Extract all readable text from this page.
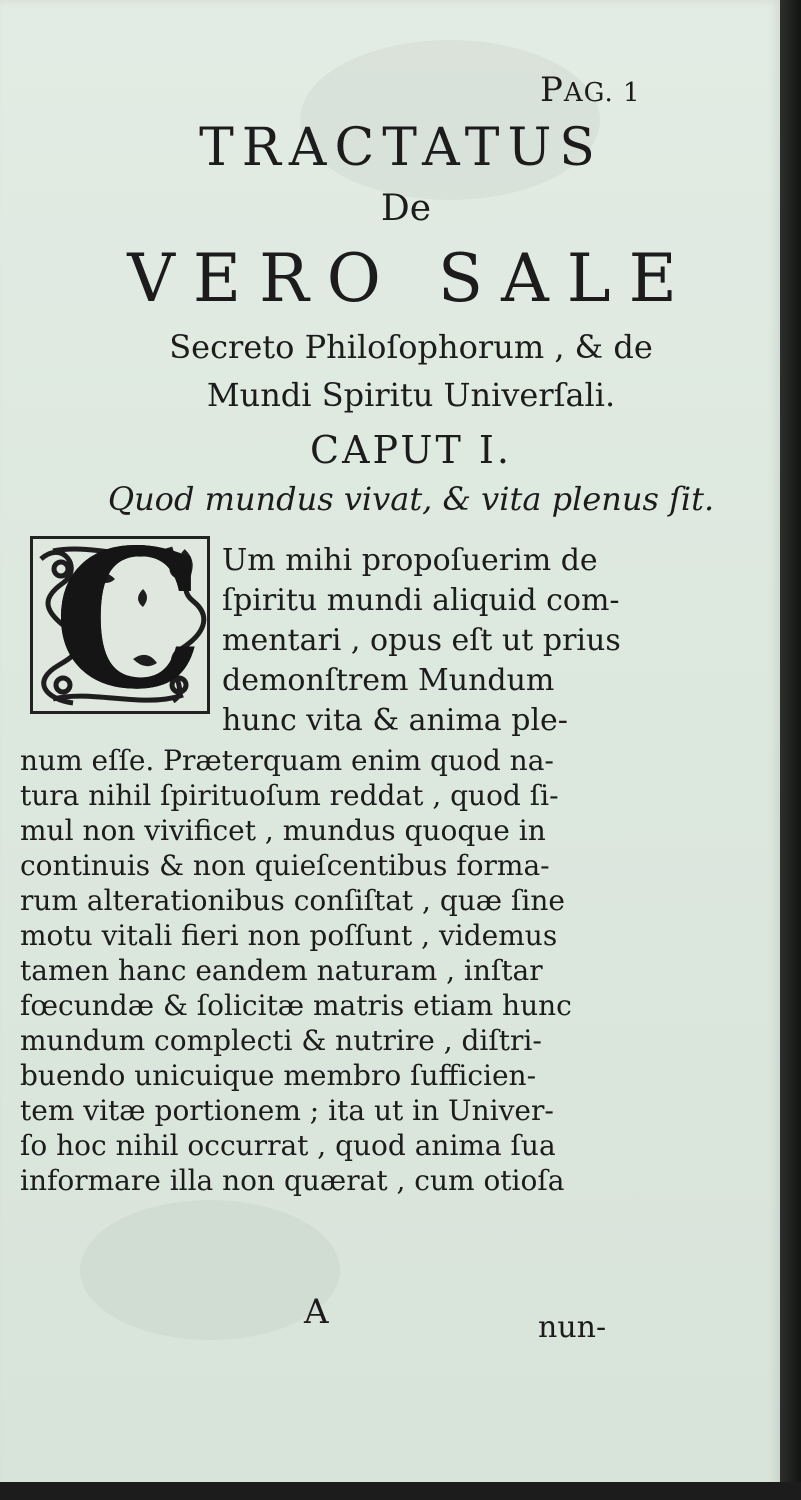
PAG. 1
TRACTATUS
De
VERO SALE
Secreto Philoſophorum , & de
Mundi Spiritu Univerſali.
CAPUT I.
Quod mundus vivat, & vita plenus ſit.
C Um mihi propoſuerim de
ſpiritu mundi aliquid com-
mentari , opus eſt ut prius
demonſtrem Mundum
hunc vita & anima ple-
num eſſe. Præterquam enim quod na-
tura nihil ſpirituoſum reddat , quod ſi-
mul non vivificet , mundus quoque in
continuis & non quieſcentibus forma-
rum alterationibus conſiſtat , quæ ſine
motu vitali fieri non poſſunt , videmus
tamen hanc eandem naturam , inſtar
fœcundæ & ſolicitæ matris etiam hunc
mundum complecti & nutrire , diſtri-
buendo unicuique membro ſufficien-
tem vitæ portionem ; ita ut in Univer-
ſo hoc nihil occurrat , quod anima ſua
informare illa non quærat , cum otioſa
A	nun-
